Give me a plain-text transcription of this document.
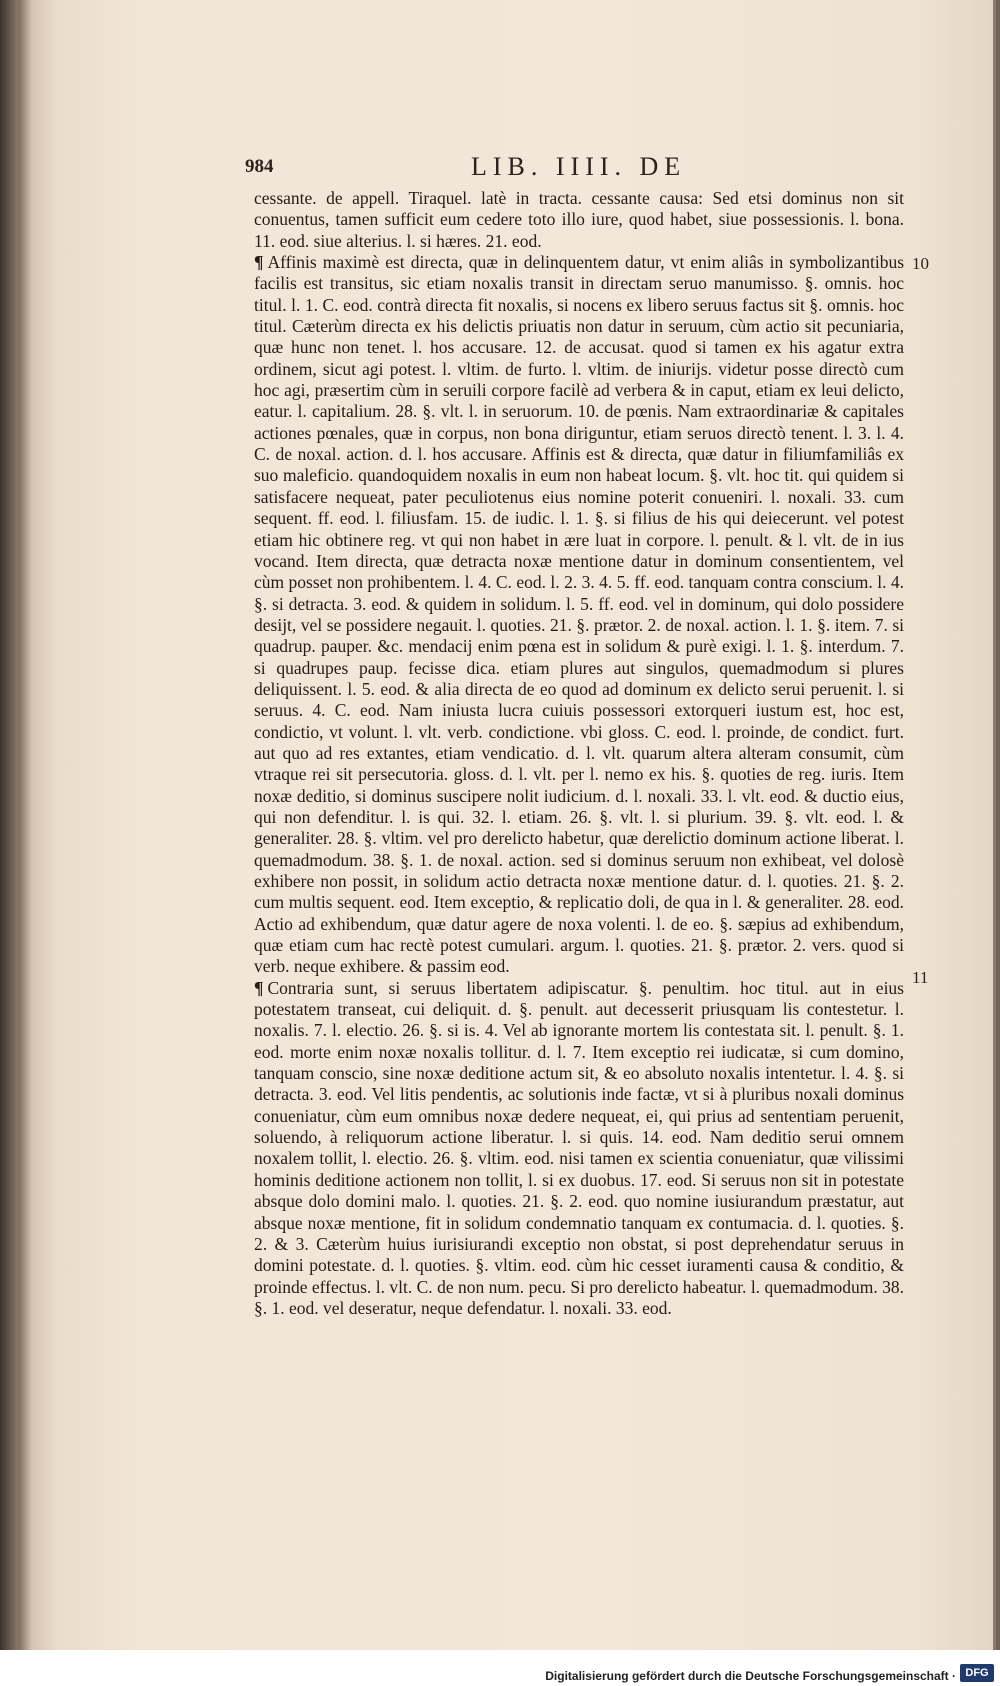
984	LIB. IIII. DE

cessante. de appell. Tiraquel. latè in tracta. cessante causa: Sed etsi dominus non sit conuentus, tamen sufficit eum cedere toto illo iure, quod habet, siue possessionis. l. bona. 11. eod. siue alterius. l. si hæres. 21. eod.

¶ Affinis maximè est directa, quæ in delinquentem datur, vt enim aliâs in symbolizantibus facilis est transitus, sic etiam noxalis transit in directam seruo manumisso. §. omnis. hoc titul. l. 1. C. eod. contrà directa fit noxalis, si nocens ex libero seruus factus sit §. omnis. hoc titul. Cæterùm directa ex his delictis priuatis non datur in seruum, cùm actio sit pecuniaria, quæ hunc non tenet. l. hos accusare. 12. de accusat. quod si tamen ex his agatur extra ordinem, sicut agi potest. l. vltim. de furto. l. vltim. de iniurijs. videtur posse directò cum hoc agi, præsertim cùm in seruili corpore facilè ad verbera & in caput, etiam ex leui delicto, eatur. l. capitalium. 28. §. vlt. l. in seruorum. 10. de pœnis. Nam extraordinariæ & capitales actiones pœnales, quæ in corpus, non bona diriguntur, etiam seruos directò tenent. l. 3. l. 4. C. de noxal. action. d. l. hos accusare. Affinis est & directa, quæ datur in filiumfamiliâs ex suo maleficio. quandoquidem noxalis in eum non habeat locum. §. vlt. hoc tit. qui quidem si satisfacere nequeat, pater peculiotenus eius nomine poterit conueniri. l. noxali. 33. cum sequent. ff. eod. l. filiusfam. 15. de iudic. l. 1. §. si filius de his qui deiecerunt. vel potest etiam hic obtinere reg. vt qui non habet in ære luat in corpore. l. penult. & l. vlt. de in ius vocand. Item directa, quæ detracta noxæ mentione datur in dominum consentientem, vel cùm posset non prohibentem. l. 4. C. eod. l. 2. 3. 4. 5. ff. eod. tanquam contra conscium. l. 4. §. si detracta. 3. eod. & quidem in solidum. l. 5. ff. eod. vel in dominum, qui dolo possidere desijt, vel se possidere negauit. l. quoties. 21. §. prætor. 2. de noxal. action. l. 1. §. item. 7. si quadrup. pauper. &c. mendacij enim pœna est in solidum & purè exigi. l. 1. §. interdum. 7. si quadrupes paup. fecisse dica. etiam plures aut singulos, quemadmodum si plures deliquissent. l. 5. eod. & alia directa de eo quod ad dominum ex delicto serui peruenit. l. si seruus. 4. C. eod. Nam iniusta lucra cuiuis possessori extorqueri iustum est, hoc est, condictio, vt volunt. l. vlt. verb. condictione. vbi gloss. C. eod. l. proinde, de condict. furt. aut quo ad res extantes, etiam vendicatio. d. l. vlt. quarum altera alteram consumit, cùm vtraque rei sit persecutoria. gloss. d. l. vlt. per l. nemo ex his. §. quoties de reg. iuris. Item noxæ deditio, si dominus suscipere nolit iudicium. d. l. noxali. 33. l. vlt. eod. & ductio eius, qui non defenditur. l. is qui. 32. l. etiam. 26. §. vlt. l. si plurium. 39. §. vlt. eod. l. & generaliter. 28. §. vltim. vel pro derelicto habetur, quæ derelictio dominum actione liberat. l. quemadmodum. 38. §. 1. de noxal. action. sed si dominus seruum non exhibeat, vel dolosè exhibere non possit, in solidum actio detracta noxæ mentione datur. d. l. quoties. 21. §. 2. cum multis sequent. eod. Item exceptio, & replicatio doli, de qua in l. & generaliter. 28. eod. Actio ad exhibendum, quæ datur agere de noxa volenti. l. de eo. §. sæpius ad exhibendum, quæ etiam cum hac rectè potest cumulari. argum. l. quoties. 21. §. prætor. 2. vers. quod si verb. neque exhibere. & passim eod.

¶ Contraria sunt, si seruus libertatem adipiscatur. §. penultim. hoc titul. aut in eius potestatem transeat, cui deliquit. d. §. penult. aut decesserit priusquam lis contestetur. l. noxalis. 7. l. electio. 26. §. si is. 4. Vel ab ignorante mortem lis contestata sit. l. penult. §. 1. eod. morte enim noxæ noxalis tollitur. d. l. 7. Item exceptio rei iudicatæ, si cum domino, tanquam conscio, sine noxæ deditione actum sit, & eo absoluto noxalis intentetur. l. 4. §. si detracta. 3. eod. Vel litis pendentis, ac solutionis inde factæ, vt si à pluribus noxali dominus conueniatur, cùm eum omnibus noxæ dedere nequeat, ei, qui prius ad sententiam peruenit, soluendo, à reliquorum actione liberatur. l. si quis. 14. eod. Nam deditio serui omnem noxalem tollit, l. electio. 26. §. vltim. eod. nisi tamen ex scientia conueniatur, quæ vilissimi hominis deditione actionem non tollit, l. si ex duobus. 17. eod. Si seruus non sit in potestate absque dolo domini malo. l. quoties. 21. §. 2. eod. quo nomine iusiurandum præstatur, aut absque noxæ mentione, fit in solidum condemnatio tanquam ex contumacia. d. l. quoties. §. 2. & 3. Cæterùm huius iurisiurandi exceptio non obstat, si post deprehendatur seruus in domini potestate. d. l. quoties. §. vltim. eod. cùm hic cesset iuramenti causa & conditio, & proinde effectus. l. vlt. C. de non num. pecu. Si pro derelicto habeatur. l. quemadmodum. 38. §. 1. eod. vel deseratur, neque defendatur. l. noxali. 33. eod.

10
11
Digitalisierung gefördert durch die Deutsche Forschungsgemeinschaft · DFG
